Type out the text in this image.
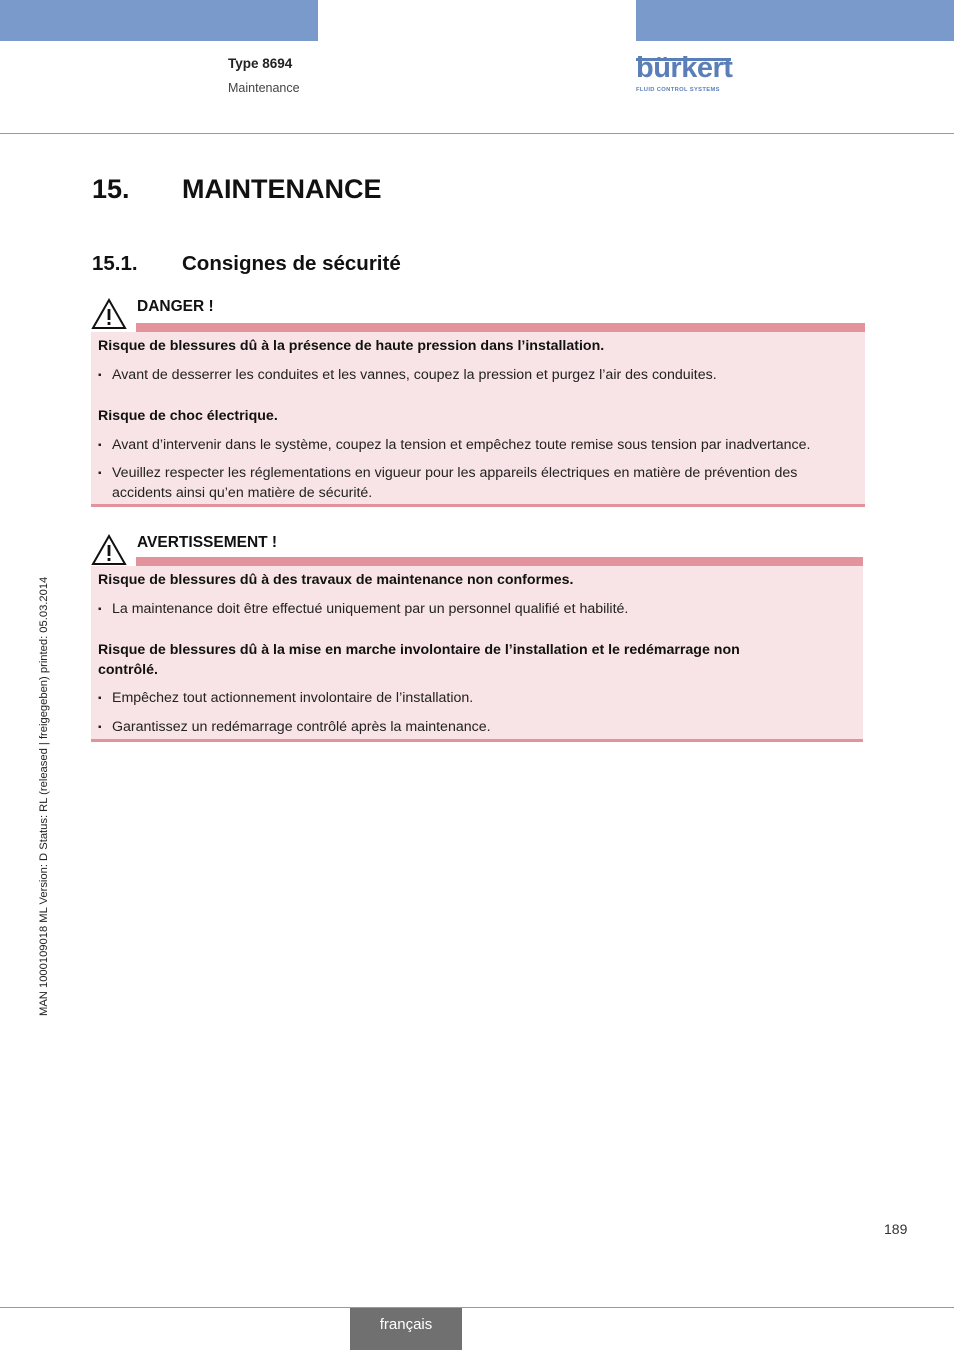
Type 8694
Maintenance
bürkert
FLUID CONTROL SYSTEMS
15. MAINTENANCE
15.1. Consignes de sécurité
MAN 1000109018 ML Version: D Status: RL (released | freigegeben) printed: 05.03.2014
DANGER !
Risque de blessures dû à la présence de haute pression dans l’installation.
▪ Avant de desserrer les conduites et les vannes, coupez la pression et purgez l’air des conduites.
Risque de choc électrique.
▪ Avant d’intervenir dans le système, coupez la tension et empêchez toute remise sous tension par inadvertance.
▪ Veuillez respecter les réglementations en vigueur pour les appareils électriques en matière de prévention des accidents ainsi qu’en matière de sécurité.
AVERTISSEMENT !
Risque de blessures dû à des travaux de maintenance non conformes.
▪ La maintenance doit être effectué uniquement par un personnel qualifié et habilité.
Risque de blessures dû à la mise en marche involontaire de l’installation et le redémarrage non contrôlé.
▪ Empêchez tout actionnement involontaire de l’installation.
▪ Garantissez un redémarrage contrôlé après la maintenance.
189
français
